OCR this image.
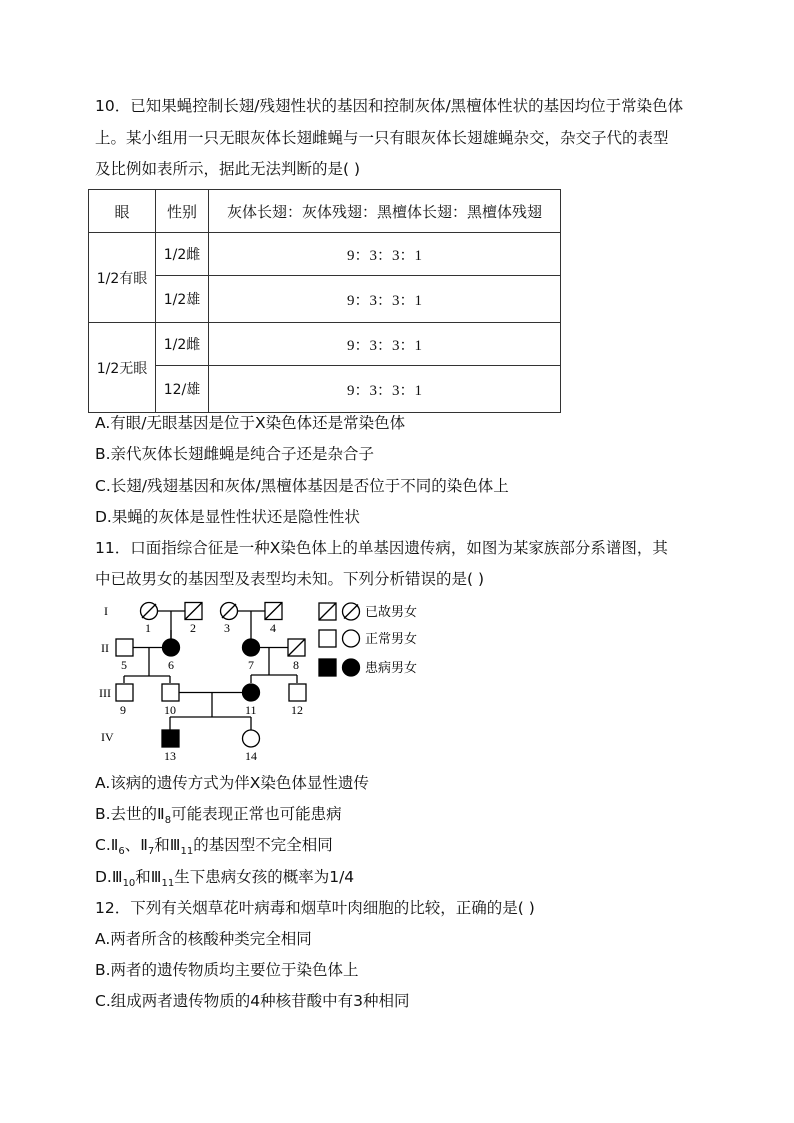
10．已知果蝇控制长翅/残翅性状的基因和控制灰体/黑檀体性状的基因均位于常染色体
上。某小组用一只无眼灰体长翅雌蝇与一只有眼灰体长翅雄蝇杂交，杂交子代的表型
及比例如表所示，据此无法判断的是( )
眼	性别	灰体长翅：灰体残翅：黑檀体长翅：黑檀体残翅
1/2有眼	1/2雌	9：3：3：1
	1/2雄	9：3：3：1
1/2无眼	1/2雌	9：3：3：1
	12/雄	9：3：3：1
A.有眼/无眼基因是位于X染色体还是常染色体
B.亲代灰体长翅雌蝇是纯合子还是杂合子
C.长翅/残翅基因和灰体/黑檀体基因是否位于不同的染色体上
D.果蝇的灰体是显性性状还是隐性性状
11．口面指综合征是一种X染色体上的单基因遗传病，如图为某家族部分系谱图，其
中已故男女的基因型及表型均未知。下列分析错误的是( )
I
II
III
IV
1	2 3	4
5	6	7	8
9	10	11	12
13	14
已故男女
正常男女
患病男女
A.该病的遗传方式为伴X染色体显性遗传
B.去世的$Ⅱ_8$可能表现正常也可能患病
$C.Ⅱ_6$、$Ⅱ_7$和$Ⅲ_{11}$的基因型不完全相同
$D.Ⅲ_{10}$和$Ⅲ_{11}$生下患病女孩的概率为1/4
12．下列有关烟草花叶病毒和烟草叶肉细胞的比较，正确的是( )
A.两者所含的核酸种类完全相同
B.两者的遗传物质均主要位于染色体上
C.组成两者遗传物质的4种核苷酸中有3种相同
